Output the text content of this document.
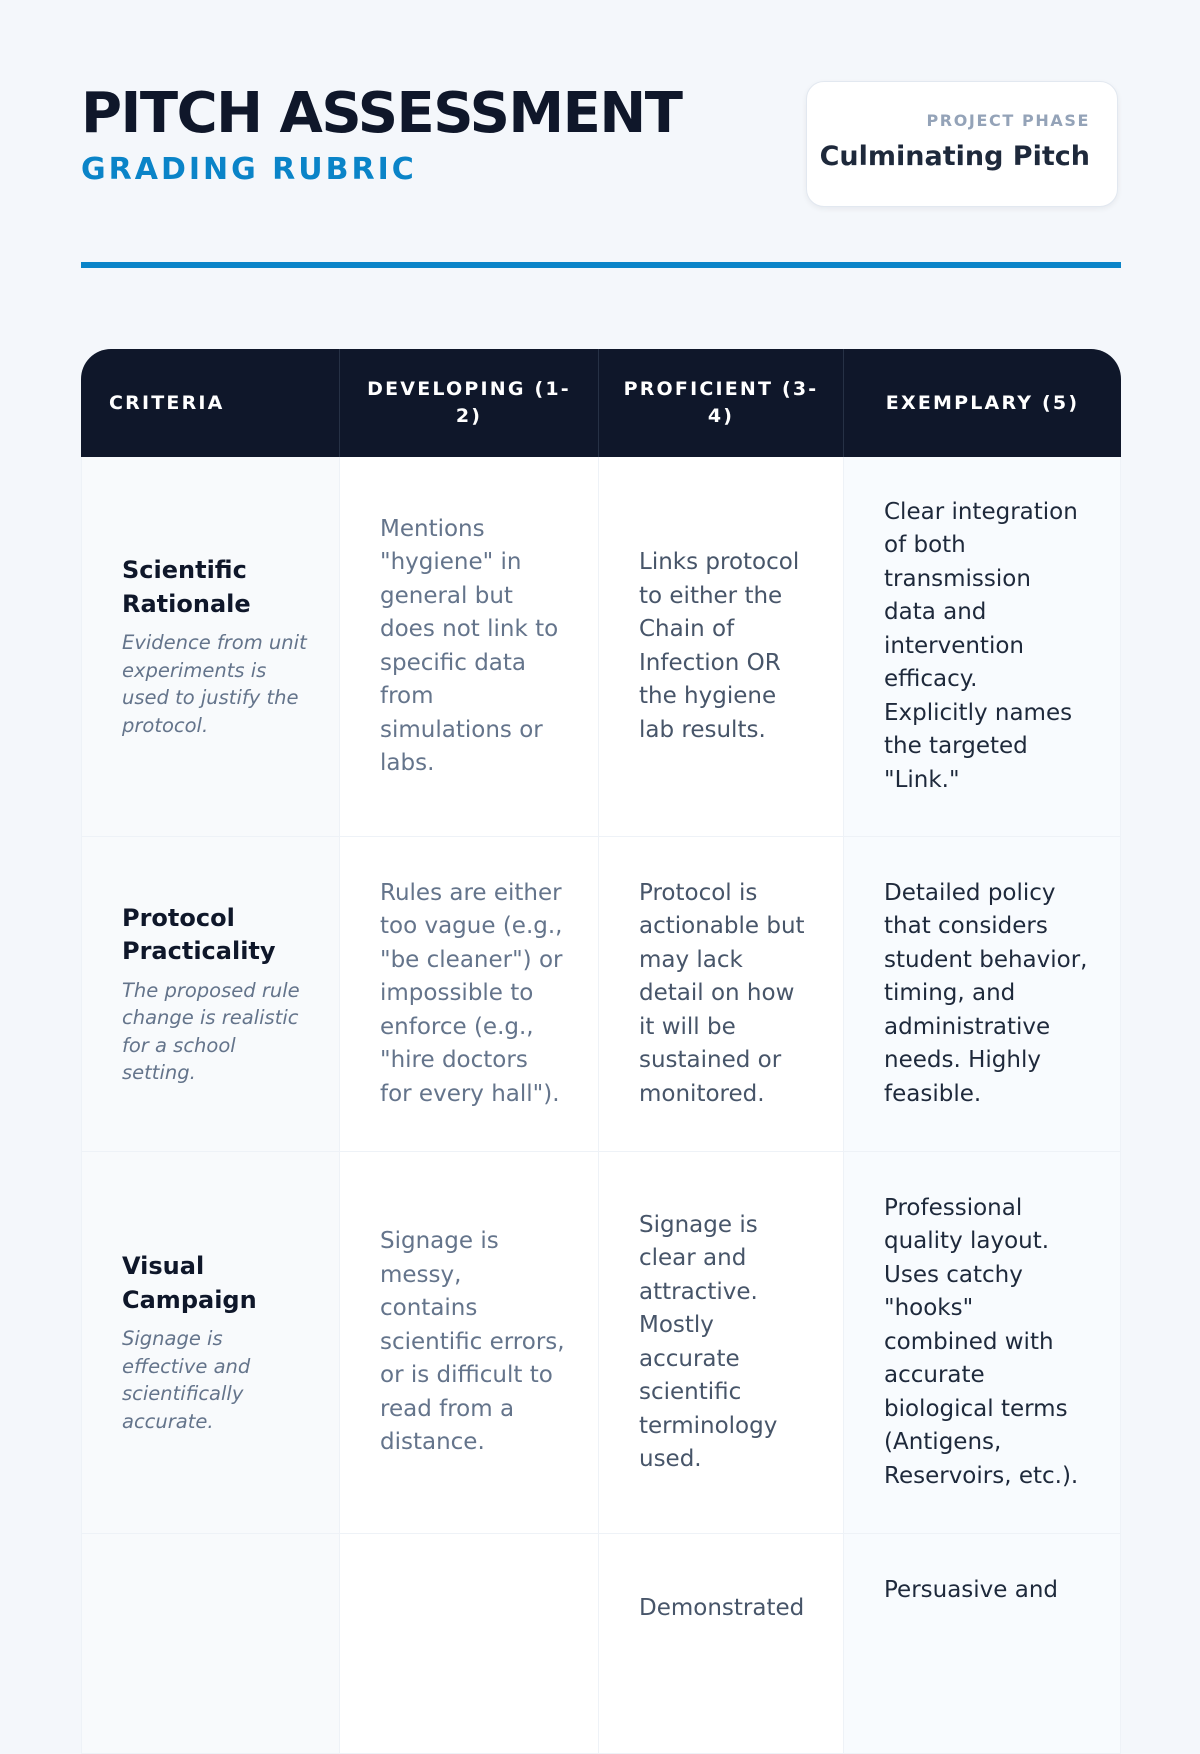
PITCH ASSESSMENT
GRADING RUBRIC
PROJECT PHASE
Culminating Pitch
CRITERIA	DEVELOPING (1-2)	PROFICIENT (3-4)	EXEMPLARY (5)

Scientific Rationale
Evidence from unit experiments is used to justify the protocol.	Mentions "hygiene" in general but does not link to specific data from simulations or labs.	Links protocol to either the Chain of Infection OR the hygiene lab results.	Clear integration of both transmission data and intervention efficacy. Explicitly names the targeted "Link."

Protocol Practicality
The proposed rule change is realistic for a school setting.	Rules are either too vague (e.g., "be cleaner") or impossible to enforce (e.g., "hire doctors for every hall").	Protocol is actionable but may lack detail on how it will be sustained or monitored.	Detailed policy that considers student behavior, timing, and administrative needs. Highly feasible.

Visual Campaign
Signage is effective and scientifically accurate.	Signage is messy, contains scientific errors, or is difficult to read from a distance.	Signage is clear and attractive. Mostly accurate scientific terminology used.	Professional quality layout. Uses catchy "hooks" combined with accurate biological terms (Antigens, Reservoirs, etc.).

		Demonstrated	Persuasive and
